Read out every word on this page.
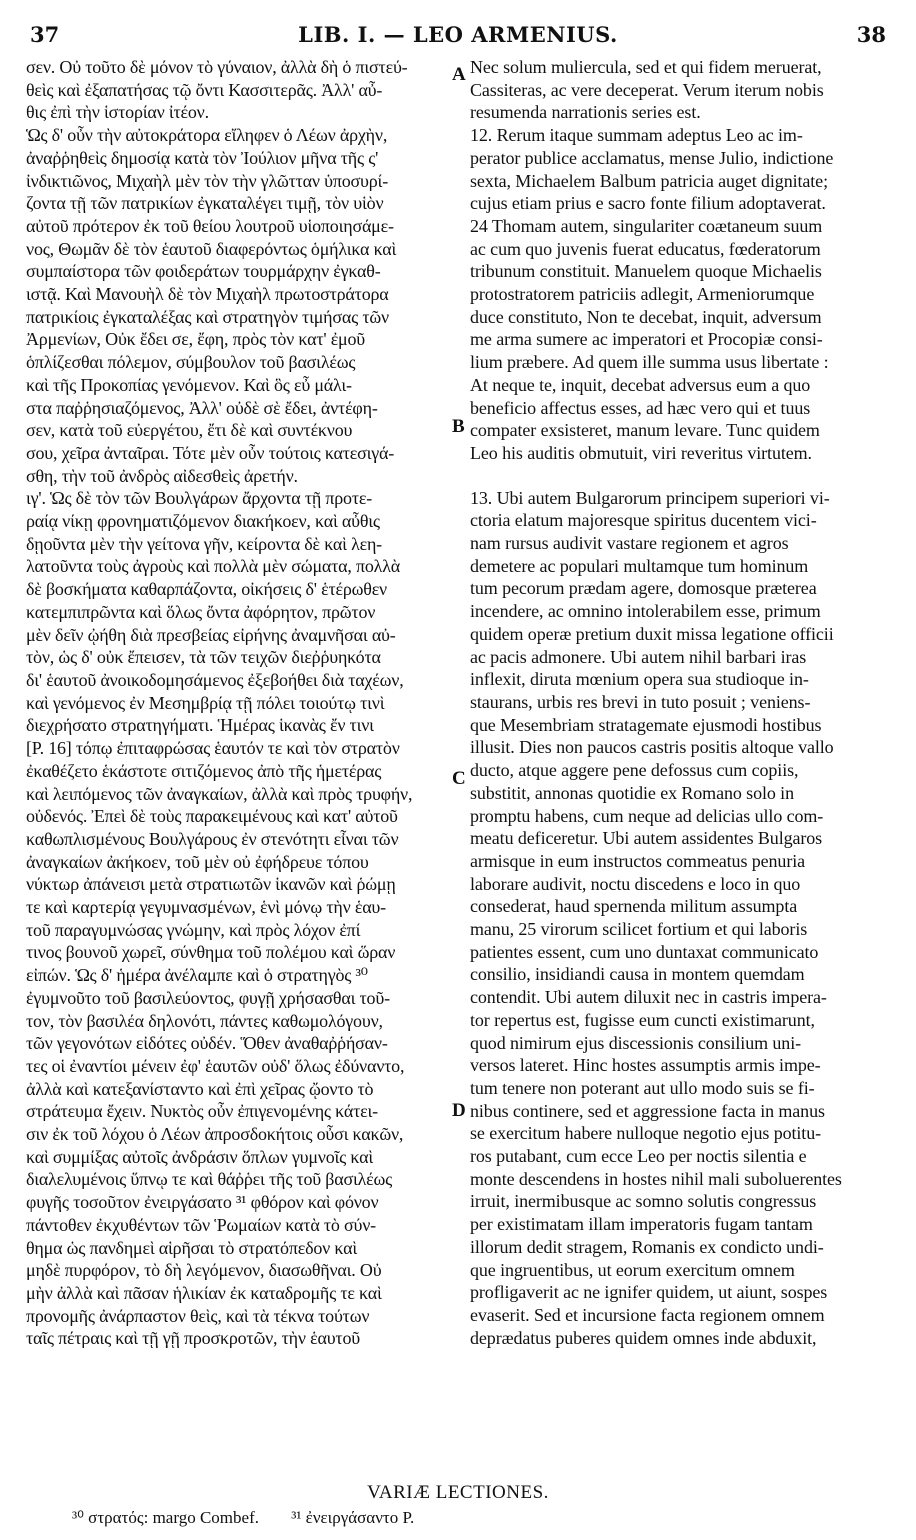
37	LIB. I. — LEO ARMENIUS.	38

σεν. Οὐ τοῦτο δὲ μόνον τὸ γύναιον, ἀλλὰ δὴ ὁ πιστεύ-

θεὶς καὶ ἐξαπατήσας τῷ ὄντι Κασσιτερᾶς. Ἀλλ' αὖ-

θις ἐπὶ τὴν ἱστορίαν ἰτέον.

Ὡς δ' οὖν τὴν αὐτοκράτορα εἴληφεν ὁ Λέων ἀρχὴν,

ἀναῤῥηθεὶς δημοσίᾳ κατὰ τὸν Ἰούλιον μῆνα τῆς ς'

ἰνδικτιῶνος, Μιχαὴλ μὲν τὸν τὴν γλῶτταν ὑποσυρί-

ζοντα τῇ τῶν πατρικίων ἐγκαταλέγει τιμῇ, τὸν υἱὸν

αὐτοῦ πρότερον ἐκ τοῦ θείου λουτροῦ υἱοποιησάμε-

νος, Θωμᾶν δὲ τὸν ἑαυτοῦ διαφερόντως ὁμήλικα καὶ

συμπαίστορα τῶν φοιδεράτων τουρμάρχην ἐγκαθ-

ιστᾷ. Καὶ Μανουὴλ δὲ τὸν Μιχαὴλ πρωτοστράτορα

πατρικίοις ἐγκαταλέξας καὶ στρατηγὸν τιμήσας τῶν

Ἀρμενίων, Οὐκ ἔδει σε, ἔφη, πρὸς τὸν κατ' ἐμοῦ

ὁπλίζεσθαι πόλεμον, σύμβουλον τοῦ βασιλέως

καὶ τῆς Προκοπίας γενόμενον. Καὶ ὃς εὖ μάλι-

στα παῤῥησιαζόμενος, Ἀλλ' οὐδὲ σὲ ἔδει, ἀντέφη-

σεν, κατὰ τοῦ εὐεργέτου, ἔτι δὲ καὶ συντέκνου

σου, χεῖρα ἀνταῖραι. Τότε μὲν οὖν τούτοις κατεσιγά-

σθη, τὴν τοῦ ἀνδρὸς αἰδεσθεὶς ἀρετήν.

ιγ'. Ὡς δὲ τὸν τῶν Βουλγάρων ἄρχοντα τῇ προτε-

ραίᾳ νίκῃ φρονηματιζόμενον διακήκοεν, καὶ αὖθις

δῃοῦντα μὲν τὴν γείτονα γῆν, κείροντα δὲ καὶ λεη-

λατοῦντα τοὺς ἀγροὺς καὶ πολλὰ μὲν σώματα, πολλὰ

δὲ βοσκήματα καθαρπάζοντα, οἰκήσεις δ' ἑτέρωθεν

κατεμπιπρῶντα καὶ ὅλως ὄντα ἀφόρητον, πρῶτον

μὲν δεῖν ᾠήθη διὰ πρεσβείας εἰρήνης ἀναμνῆσαι αὐ-

τὸν, ὡς δ' οὐκ ἔπεισεν, τὰ τῶν τειχῶν διεῤῥυηκότα

δι' ἑαυτοῦ ἀνοικοδομησάμενος ἐξεβοήθει διὰ ταχέων,

καὶ γενόμενος ἐν Μεσημβρίᾳ τῇ πόλει τοιούτῳ τινὶ

διεχρήσατο στρατηγήματι. Ἡμέρας ἱκανὰς ἔν τινι

[P. 16] τόπῳ ἐπιταφρώσας ἑαυτόν τε καὶ τὸν στρατὸν

ἐκαθέζετο ἑκάστοτε σιτιζόμενος ἀπὸ τῆς ἡμετέρας

καὶ λειπόμενος τῶν ἀναγκαίων, ἀλλὰ καὶ πρὸς τρυφήν,

οὐδενός. Ἐπεὶ δὲ τοὺς παρακειμένους καὶ κατ' αὐτοῦ

καθωπλισμένους Βουλγάρους ἐν στενότητι εἶναι τῶν

ἀναγκαίων ἀκήκοεν, τοῦ μὲν οὐ ἐφήδρευε τόπου

νύκτωρ ἀπάνεισι μετὰ στρατιωτῶν ἱκανῶν καὶ ῥώμῃ

τε καὶ καρτερίᾳ γεγυμνασμένων, ἑνὶ μόνῳ τὴν ἑαυ-

τοῦ παραγυμνώσας γνώμην, καὶ πρὸς λόχον ἐπί

τινος βουνοῦ χωρεῖ, σύνθημα τοῦ πολέμου καὶ ὥραν

εἰπών. Ὡς δ' ἡμέρα ἀνέλαμπε καὶ ὁ στρατηγὸς ³⁰

ἐγυμνοῦτο τοῦ βασιλεύοντος, φυγῇ χρήσασθαι τοῦ-

τον, τὸν βασιλέα δηλονότι, πάντες καθωμολόγουν,

τῶν γεγονότων εἰδότες οὐδέν. Ὅθεν ἀναθαῤῥήσαν-

τες οἱ ἐναντίοι μένειν ἐφ' ἑαυτῶν οὐδ' ὅλως ἐδύναντο,

ἀλλὰ καὶ κατεξανίσταντο καὶ ἐπὶ χεῖρας ᾤοντο τὸ

στράτευμα ἔχειν. Νυκτὸς οὖν ἐπιγενομένης κάτει-

σιν ἐκ τοῦ λόχου ὁ Λέων ἀπροσδοκήτοις οὖσι κακῶν,

καὶ συμμίξας αὐτοῖς ἀνδράσιν ὅπλων γυμνοῖς καὶ

διαλελυμένοις ὕπνῳ τε καὶ θάῤῥει τῆς τοῦ βασιλέως

φυγῆς τοσοῦτον ἐνειργάσατο ³¹ φθόρον καὶ φόνον

πάντοθεν ἐκχυθέντων τῶν Ῥωμαίων κατὰ τὸ σύν-

θημα ὡς πανδημεὶ αἱρῆσαι τὸ στρατόπεδον καὶ

μηδὲ πυρφόρον, τὸ δὴ λεγόμενον, διασωθῆναι. Οὐ

μὴν ἀλλὰ καὶ πᾶσαν ἡλικίαν ἐκ καταδρομῆς τε καὶ

προνομῆς ἀνάρπαστον θεὶς, καὶ τὰ τέκνα τούτων

ταῖς πέτραις καὶ τῇ γῇ προσκροτῶν, τὴν ἑαυτοῦ

Nec solum muliercula, sed et qui fidem meruerat,

Cassiteras, ac vere deceperat. Verum iterum nobis

resumenda narrationis series est.

12. Rerum itaque summam adeptus Leo ac im-

perator publice acclamatus, mense Julio, indictione

sexta, Michaelem Balbum patricia auget dignitate;

cujus etiam prius e sacro fonte filium adoptaverat.

24 Thomam autem, singulariter coætaneum suum

ac cum quo juvenis fuerat educatus, fœderatorum

tribunum constituit. Manuelem quoque Michaelis

protostratorem patriciis adlegit, Armeniorumque

duce constituto, Non te decebat, inquit, adversum

me arma sumere ac imperatori et Procopiæ consi-

lium præbere. Ad quem ille summa usus libertate :

At neque te, inquit, decebat adversus eum a quo

beneficio affectus esses, ad hæc vero qui et tuus

compater exsisteret, manum levare. Tunc quidem

Leo his auditis obmutuit, viri reveritus virtutem.

13. Ubi autem Bulgarorum principem superiori vi-

ctoria elatum majoresque spiritus ducentem vici-

nam rursus audivit vastare regionem et agros

demetere ac populari multamque tum hominum

tum pecorum prædam agere, domosque præterea

incendere, ac omnino intolerabilem esse, primum

quidem operæ pretium duxit missa legatione officii

ac pacis admonere. Ubi autem nihil barbari iras

inflexit, diruta mœnium opera sua studioque in-

staurans, urbis res brevi in tuto posuit ; veniens-

que Mesembriam stratagemate ejusmodi hostibus

illusit. Dies non paucos castris positis altoque vallo

ducto, atque aggere pene defossus cum copiis,

substitit, annonas quotidie ex Romano solo in

promptu habens, cum neque ad delicias ullo com-

meatu deficeretur. Ubi autem assidentes Bulgaros

armisque in eum instructos commeatus penuria

laborare audivit, noctu discedens e loco in quo

consederat, haud spernenda militum assumpta

manu, 25 virorum scilicet fortium et qui laboris

patientes essent, cum uno duntaxat communicato

consilio, insidiandi causa in montem quemdam

contendit. Ubi autem diluxit nec in castris impera-

tor repertus est, fugisse eum cuncti existimarunt,

quod nimirum ejus discessionis consilium uni-

versos lateret. Hinc hostes assumptis armis impe-

tum tenere non poterant aut ullo modo suis se fi-

nibus continere, sed et aggressione facta in manus

se exercitum habere nulloque negotio ejus potitu-

ros putabant, cum ecce Leo per noctis silentia e

monte descendens in hostes nihil mali suboluerentes

irruit, inermibusque ac somno solutis congressus

per existimatam illam imperatoris fugam tantam

illorum dedit stragem, Romanis ex condicto undi-

que ingruentibus, ut eorum exercitum omnem

profligaverit ac ne ignifer quidem, ut aiunt, sospes

evaserit. Sed et incursione facta regionem omnem

deprædatus puberes quidem omnes inde abduxit,

A
B
C
D
VARIÆ LECTIONES.
³⁰ στρατός: margo Combef. ³¹ ἐνειργάσαντο P.
